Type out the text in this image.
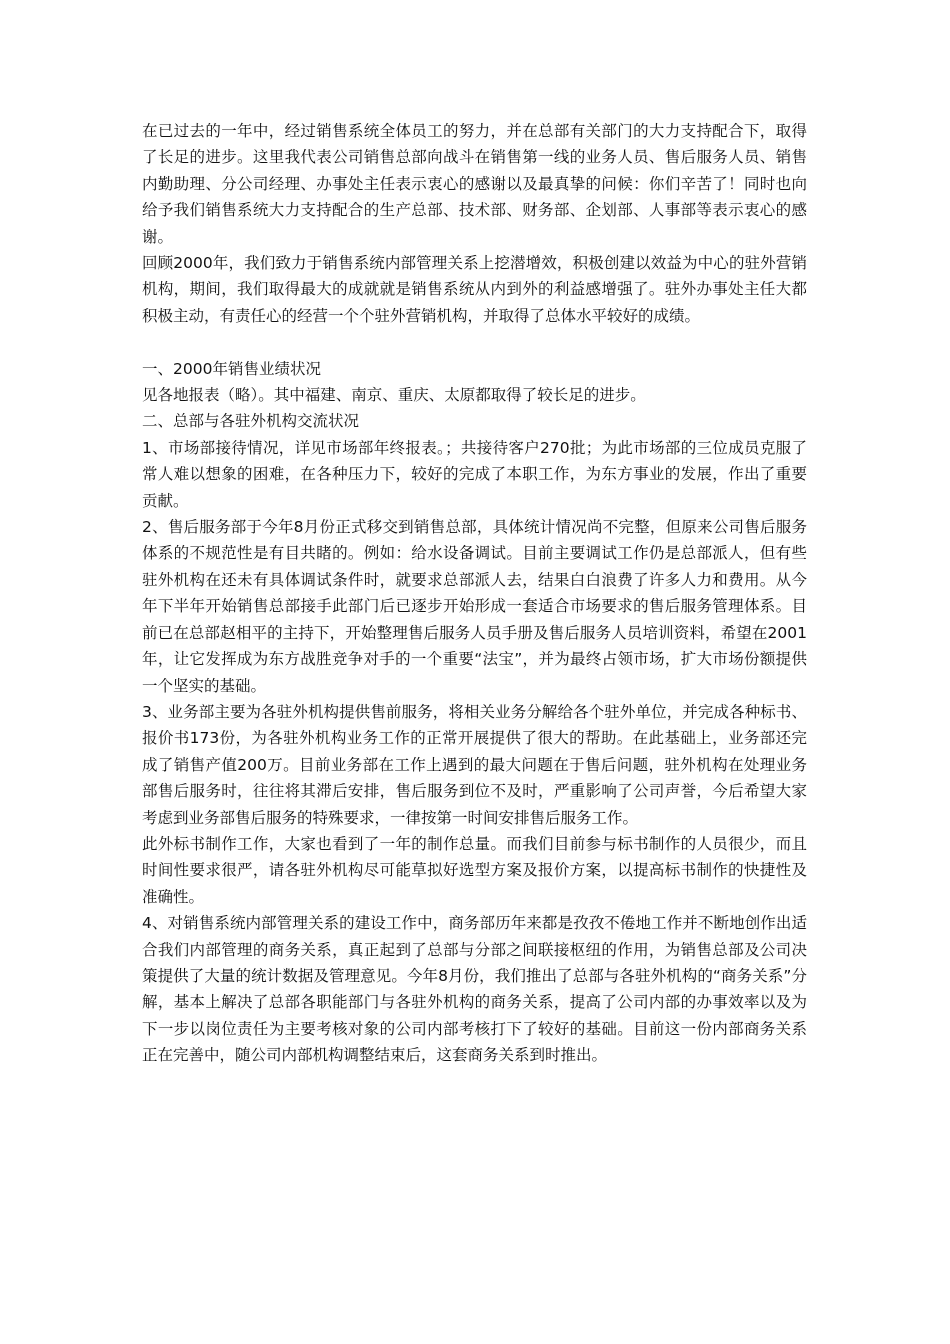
在已过去的一年中，经过销售系统全体员工的努力，并在总部有关部门的大力支持配合下，取得了长足的进步。这里我代表公司销售总部向战斗在销售第一线的业务人员、售后服务人员、销售内勤助理、分公司经理、办事处主任表示衷心的感谢以及最真挚的问候：你们辛苦了！同时也向给予我们销售系统大力支持配合的生产总部、技术部、财务部、企划部、人事部等表示衷心的感谢。

回顾2000年，我们致力于销售系统内部管理关系上挖潜增效，积极创建以效益为中心的驻外营销机构，期间，我们取得最大的成就就是销售系统从内到外的利益感增强了。驻外办事处主任大都积极主动，有责任心的经营一个个驻外营销机构，并取得了总体水平较好的成绩。

一、2000年销售业绩状况

见各地报表（略）。其中福建、南京、重庆、太原都取得了较长足的进步。

二、总部与各驻外机构交流状况

1、市场部接待情况，详见市场部年终报表。；共接待客户270批；为此市场部的三位成员克服了常人难以想象的困难，在各种压力下，较好的完成了本职工作，为东方事业的发展，作出了重要贡献。

2、售后服务部于今年8月份正式移交到销售总部，具体统计情况尚不完整，但原来公司售后服务体系的不规范性是有目共睹的。例如：给水设备调试。目前主要调试工作仍是总部派人，但有些驻外机构在还未有具体调试条件时，就要求总部派人去，结果白白浪费了许多人力和费用。从今年下半年开始销售总部接手此部门后已逐步开始形成一套适合市场要求的售后服务管理体系。目前已在总部赵相平的主持下，开始整理售后服务人员手册及售后服务人员培训资料，希望在2001年，让它发挥成为东方战胜竞争对手的一个重要“法宝”，并为最终占领市场，扩大市场份额提供一个坚实的基础。

3、业务部主要为各驻外机构提供售前服务，将相关业务分解给各个驻外单位，并完成各种标书、报价书173份，为各驻外机构业务工作的正常开展提供了很大的帮助。在此基础上，业务部还完成了销售产值200万。目前业务部在工作上遇到的最大问题在于售后问题，驻外机构在处理业务部售后服务时，往往将其滞后安排，售后服务到位不及时，严重影响了公司声誉，今后希望大家考虑到业务部售后服务的特殊要求，一律按第一时间安排售后服务工作。

此外标书制作工作，大家也看到了一年的制作总量。而我们目前参与标书制作的人员很少，而且时间性要求很严，请各驻外机构尽可能草拟好选型方案及报价方案，以提高标书制作的快捷性及准确性。

4、对销售系统内部管理关系的建设工作中，商务部历年来都是孜孜不倦地工作并不断地创作出适合我们内部管理的商务关系，真正起到了总部与分部之间联接枢纽的作用，为销售总部及公司决策提供了大量的统计数据及管理意见。今年8月份，我们推出了总部与各驻外机构的“商务关系”分解，基本上解决了总部各职能部门与各驻外机构的商务关系，提高了公司内部的办事效率以及为下一步以岗位责任为主要考核对象的公司内部考核打下了较好的基础。目前这一份内部商务关系正在完善中，随公司内部机构调整结束后，这套商务关系到时推出。
